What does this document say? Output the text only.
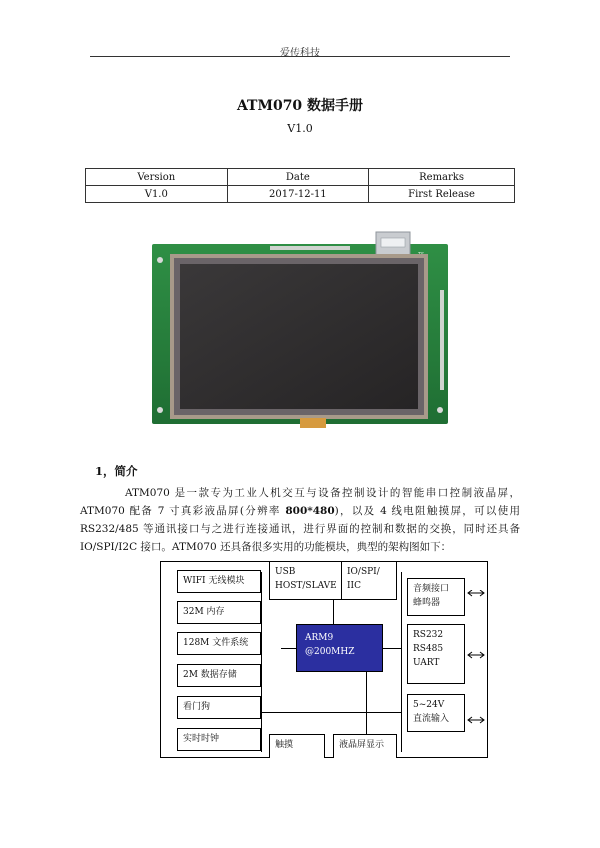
爱传科技
ATM070 数据手册
V1.0
Version	Date	Remarks
V1.0	2017-12-11	First Release
1，简介

ATM070 是一款专为工业人机交互与设备控制设计的智能串口控制液晶屏，ATM070 配备 7 寸真彩液晶屏(分辨率 800*480)，以及 4 线电阻触摸屏，可以使用 RS232/485 等通讯接口与之进行连接通讯，进行界面的控制和数据的交换，同时还具备 IO/SPI/I2C 接口。ATM070 还具备很多实用的功能模块，典型的架构图如下：

WIFI 无线模块
32M 内存
128M 文件系统
2M 数据存储
看门狗
实时时钟
USB
HOST/SLAVE
IO/SPI/
IIC
ARM9
@200MHZ
音频接口
蜂鸣器
RS232
RS485
UART
5~24V
直流输入
触摸	液晶屏显示
